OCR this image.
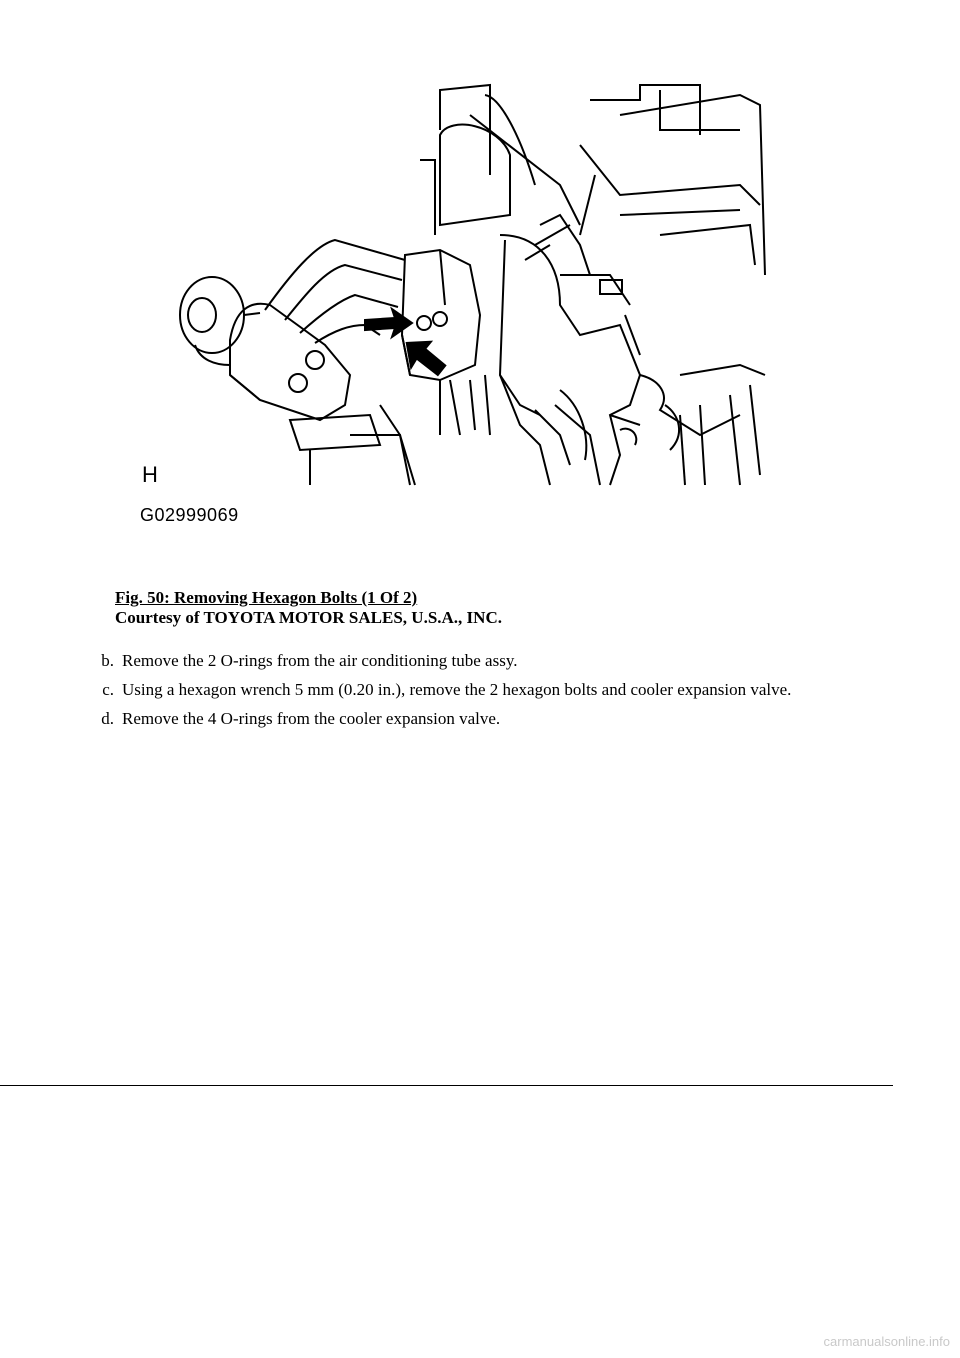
H
G02999069
Fig. 50: Removing Hexagon Bolts (1 Of 2)
Courtesy of TOYOTA MOTOR SALES, U.S.A., INC.
b. Remove the 2 O-rings from the air conditioning tube assy.
c. Using a hexagon wrench 5 mm (0.20 in.), remove the 2 hexagon bolts and cooler expansion valve.
d. Remove the 4 O-rings from the cooler expansion valve.
carmanualsonline.info
